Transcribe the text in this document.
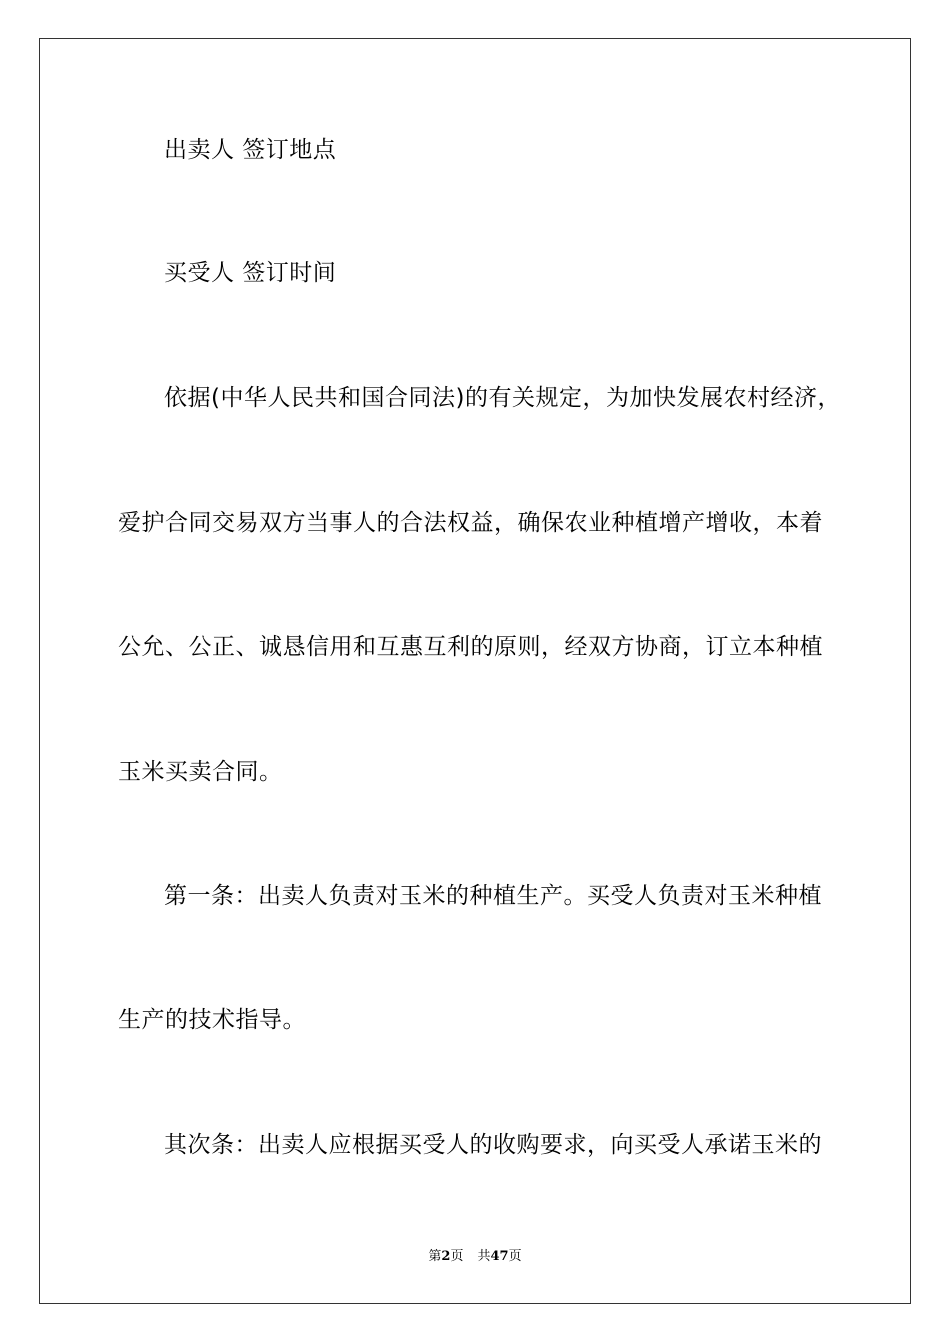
出卖人 签订地点
买受人 签订时间
依据(中华人民共和国合同法)的有关规定，为加快发展农村经济，
爱护合同交易双方当事人的合法权益，确保农业种植增产增收，本着
公允、公正、诚恳信用和互惠互利的原则，经双方协商，订立本种植
玉米买卖合同。
第一条：出卖人负责对玉米的种植生产。买受人负责对玉米种植
生产的技术指导。
其次条：出卖人应根据买受人的收购要求，向买受人承诺玉米的
第2页 共47页
